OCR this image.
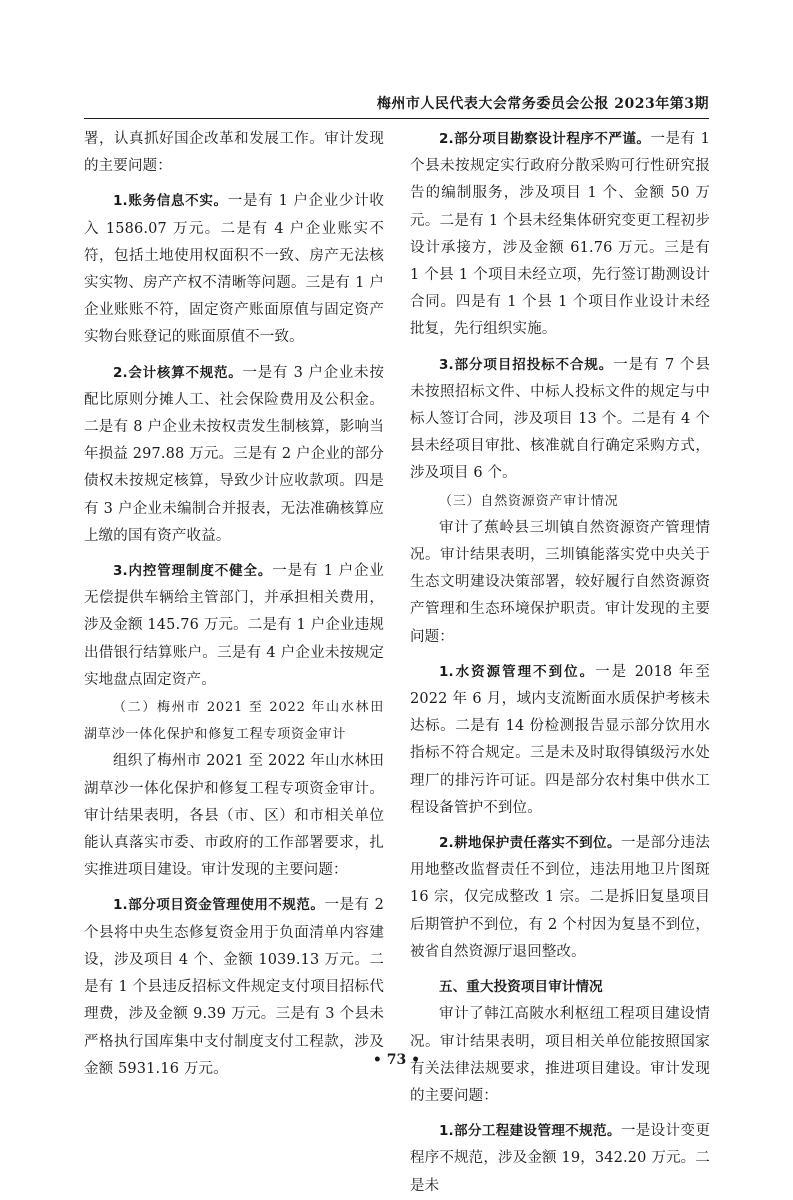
梅州市人民代表大会常务委员会公报 2023年第3期

署，认真抓好国企改革和发展工作。审计发现的主要问题：

1.账务信息不实。一是有 1 户企业少计收入 1586.07 万元。二是有 4 户企业账实不符，包括土地使用权面积不一致、房产无法核实实物、房产产权不清晰等问题。三是有 1 户企业账账不符，固定资产账面原值与固定资产实物台账登记的账面原值不一致。

2.会计核算不规范。一是有 3 户企业未按配比原则分摊人工、社会保险费用及公积金。二是有 8 户企业未按权责发生制核算，影响当年损益 297.88 万元。三是有 2 户企业的部分债权未按规定核算，导致少计应收款项。四是有 3 户企业未编制合并报表，无法准确核算应上缴的国有资产收益。

3.内控管理制度不健全。一是有 1 户企业无偿提供车辆给主管部门，并承担相关费用，涉及金额 145.76 万元。二是有 1 户企业违规出借银行结算账户。三是有 4 户企业未按规定实地盘点固定资产。

（二）梅州市 2021 至 2022 年山水林田湖草沙一体化保护和修复工程专项资金审计

组织了梅州市 2021 至 2022 年山水林田湖草沙一体化保护和修复工程专项资金审计。审计结果表明，各县（市、区）和市相关单位能认真落实市委、市政府的工作部署要求，扎实推进项目建设。审计发现的主要问题：

1.部分项目资金管理使用不规范。一是有 2 个县将中央生态修复资金用于负面清单内容建设，涉及项目 4 个、金额 1039.13 万元。二是有 1 个县违反招标文件规定支付项目招标代理费，涉及金额 9.39 万元。三是有 3 个县未严格执行国库集中支付制度支付工程款，涉及金额 5931.16 万元。

2.部分项目勘察设计程序不严谨。一是有 1 个县未按规定实行政府分散采购可行性研究报告的编制服务，涉及项目 1 个、金额 50 万元。二是有 1 个县未经集体研究变更工程初步设计承接方，涉及金额 61.76 万元。三是有 1 个县 1 个项目未经立项，先行签订勘测设计合同。四是有 1 个县 1 个项目作业设计未经批复，先行组织实施。

3.部分项目招投标不合规。一是有 7 个县未按照招标文件、中标人投标文件的规定与中标人签订合同，涉及项目 13 个。二是有 4 个县未经项目审批、核准就自行确定采购方式，涉及项目 6 个。

（三）自然资源资产审计情况

审计了蕉岭县三圳镇自然资源资产管理情况。审计结果表明，三圳镇能落实党中央关于生态文明建设决策部署，较好履行自然资源资产管理和生态环境保护职责。审计发现的主要问题：

1.水资源管理不到位。一是 2018 年至 2022 年 6 月，域内支流断面水质保护考核未达标。二是有 14 份检测报告显示部分饮用水指标不符合规定。三是未及时取得镇级污水处理厂的排污许可证。四是部分农村集中供水工程设备管护不到位。

2.耕地保护责任落实不到位。一是部分违法用地整改监督责任不到位，违法用地卫片图斑 16 宗，仅完成整改 1 宗。二是拆旧复垦项目后期管护不到位，有 2 个村因为复垦不到位，被省自然资源厅退回整改。

五、重大投资项目审计情况

审计了韩江高陂水利枢纽工程项目建设情况。审计结果表明，项目相关单位能按照国家有关法律法规要求，推进项目建设。审计发现的主要问题：

1.部分工程建设管理不规范。一是设计变更程序不规范，涉及金额 19，342.20 万元。二是未

• 73 •
